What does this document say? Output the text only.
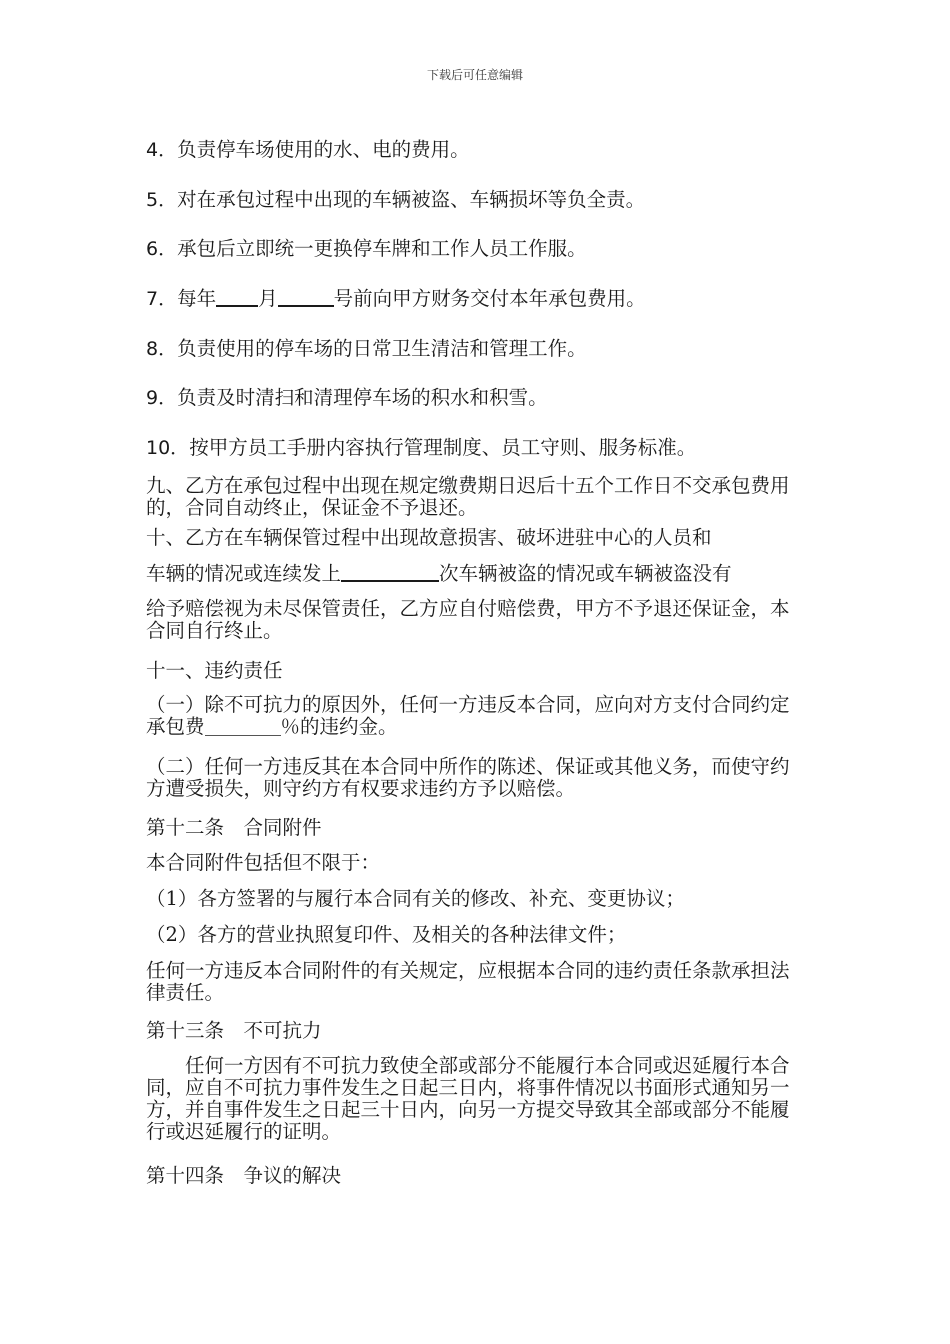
下载后可任意编辑
4．负责停车场使用的水、电的费用。
5．对在承包过程中出现的车辆被盗、车辆损坏等负全责。
6．承包后立即统一更换停车牌和工作人员工作服。
7．每年 月	号前向甲方财务交付本年承包费用。
8．负责使用的停车场的日常卫生清洁和管理工作。
9．负责及时清扫和清理停车场的积水和积雪。
10．按甲方员工手册内容执行管理制度、员工守则、服务标准。
九、乙方在承包过程中出现在规定缴费期日迟后十五个工作日不交承包费用的，合同自动终止，保证金不予退还。
十、乙方在车辆保管过程中出现故意损害、破坏进驻中心的人员和
车辆的情况或连续发上	次车辆被盗的情况或车辆被盗没有
给予赔偿视为未尽保管责任，乙方应自付赔偿费，甲方不予退还保证金，本合同自行终止。
十一、违约责任
（一）除不可抗力的原因外，任何一方违反本合同，应向对方支付合同约定承包费	％的违约金。
（二）任何一方违反其在本合同中所作的陈述、保证或其他义务，而使守约方遭受损失，则守约方有权要求违约方予以赔偿。
第十二条　合同附件
本合同附件包括但不限于：
（1）各方签署的与履行本合同有关的修改、补充、变更协议；
（2）各方的营业执照复印件、及相关的各种法律文件；
任何一方违反本合同附件的有关规定，应根据本合同的违约责任条款承担法律责任。
第十三条　不可抗力
任何一方因有不可抗力致使全部或部分不能履行本合同或迟延履行本合同，应自不可抗力事件发生之日起三日内，将事件情况以书面形式通知另一方，并自事件发生之日起三十日内，向另一方提交导致其全部或部分不能履行或迟延履行的证明。
第十四条　争议的解决
